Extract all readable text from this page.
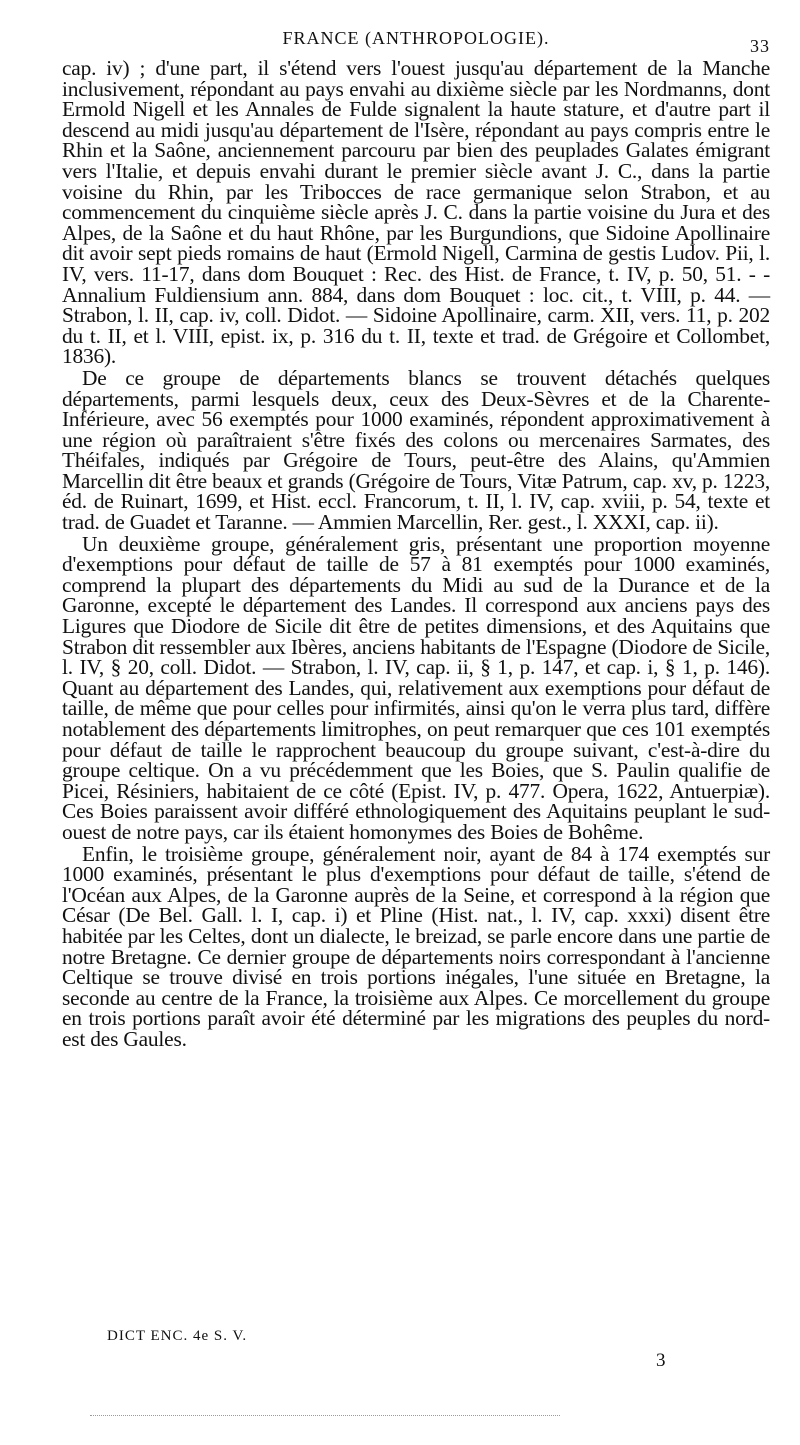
FRANCE (ANTHROPOLOGIE).	33

cap. iv) ; d'une part, il s'étend vers l'ouest jusqu'au département de la Manche inclusivement, répondant au pays envahi au dixième siècle par les Nordmanns, dont Ermold Nigell et les Annales de Fulde signalent la haute stature, et d'autre part il descend au midi jusqu'au département de l'Isère, répondant au pays compris entre le Rhin et la Saône, anciennement parcouru par bien des peuplades Galates émigrant vers l'Italie, et depuis envahi durant le premier siècle avant J. C., dans la partie voisine du Rhin, par les Tribocces de race germanique selon Strabon, et au commencement du cinquième siècle après J. C. dans la partie voisine du Jura et des Alpes, de la Saône et du haut Rhône, par les Burgundions, que Sidoine Apollinaire dit avoir sept pieds romains de haut (Ermold Nigell, Carmina de gestis Ludov. Pii, l. IV, vers. 11-17, dans dom Bouquet : Rec. des Hist. de France, t. IV, p. 50, 51. - - Annalium Fuldiensium ann. 884, dans dom Bouquet : loc. cit., t. VIII, p. 44. — Strabon, l. II, cap. iv, coll. Didot. — Sidoine Apollinaire, carm. XII, vers. 11, p. 202 du t. II, et l. VIII, epist. ix, p. 316 du t. II, texte et trad. de Grégoire et Collombet, 1836).

De ce groupe de départements blancs se trouvent détachés quelques départements, parmi lesquels deux, ceux des Deux-Sèvres et de la Charente-Inférieure, avec 56 exemptés pour 1000 examinés, répondent approximativement à une région où paraîtraient s'être fixés des colons ou mercenaires Sarmates, des Théifales, indiqués par Grégoire de Tours, peut-être des Alains, qu'Ammien Marcellin dit être beaux et grands (Grégoire de Tours, Vitæ Patrum, cap. xv, p. 1223, éd. de Ruinart, 1699, et Hist. eccl. Francorum, t. II, l. IV, cap. xviii, p. 54, texte et trad. de Guadet et Taranne. — Ammien Marcellin, Rer. gest., l. XXXI, cap. ii).

Un deuxième groupe, généralement gris, présentant une proportion moyenne d'exemptions pour défaut de taille de 57 à 81 exemptés pour 1000 examinés, comprend la plupart des départements du Midi au sud de la Durance et de la Garonne, excepté le département des Landes. Il correspond aux anciens pays des Ligures que Diodore de Sicile dit être de petites dimensions, et des Aquitains que Strabon dit ressembler aux Ibères, anciens habitants de l'Espagne (Diodore de Sicile, l. IV, § 20, coll. Didot. — Strabon, l. IV, cap. ii, § 1, p. 147, et cap. i, § 1, p. 146). Quant au département des Landes, qui, relativement aux exemptions pour défaut de taille, de même que pour celles pour infirmités, ainsi qu'on le verra plus tard, diffère notablement des départements limitrophes, on peut remarquer que ces 101 exemptés pour défaut de taille le rapprochent beaucoup du groupe suivant, c'est-à-dire du groupe celtique. On a vu précédemment que les Boies, que S. Paulin qualifie de Picei, Résiniers, habitaient de ce côté (Epist. IV, p. 477. Opera, 1622, Antuerpiæ). Ces Boies paraissent avoir différé ethnologiquement des Aquitains peuplant le sud-ouest de notre pays, car ils étaient homonymes des Boies de Bohême.

Enfin, le troisième groupe, généralement noir, ayant de 84 à 174 exemptés sur 1000 examinés, présentant le plus d'exemptions pour défaut de taille, s'étend de l'Océan aux Alpes, de la Garonne auprès de la Seine, et correspond à la région que César (De Bel. Gall. l. I, cap. i) et Pline (Hist. nat., l. IV, cap. xxxi) disent être habitée par les Celtes, dont un dialecte, le breizad, se parle encore dans une partie de notre Bretagne. Ce dernier groupe de départements noirs correspondant à l'ancienne Celtique se trouve divisé en trois portions inégales, l'une située en Bretagne, la seconde au centre de la France, la troisième aux Alpes. Ce morcellement du groupe en trois portions paraît avoir été déterminé par les migrations des peuples du nord-est des Gaules.

DICT ENC. 4e S. V.
3
